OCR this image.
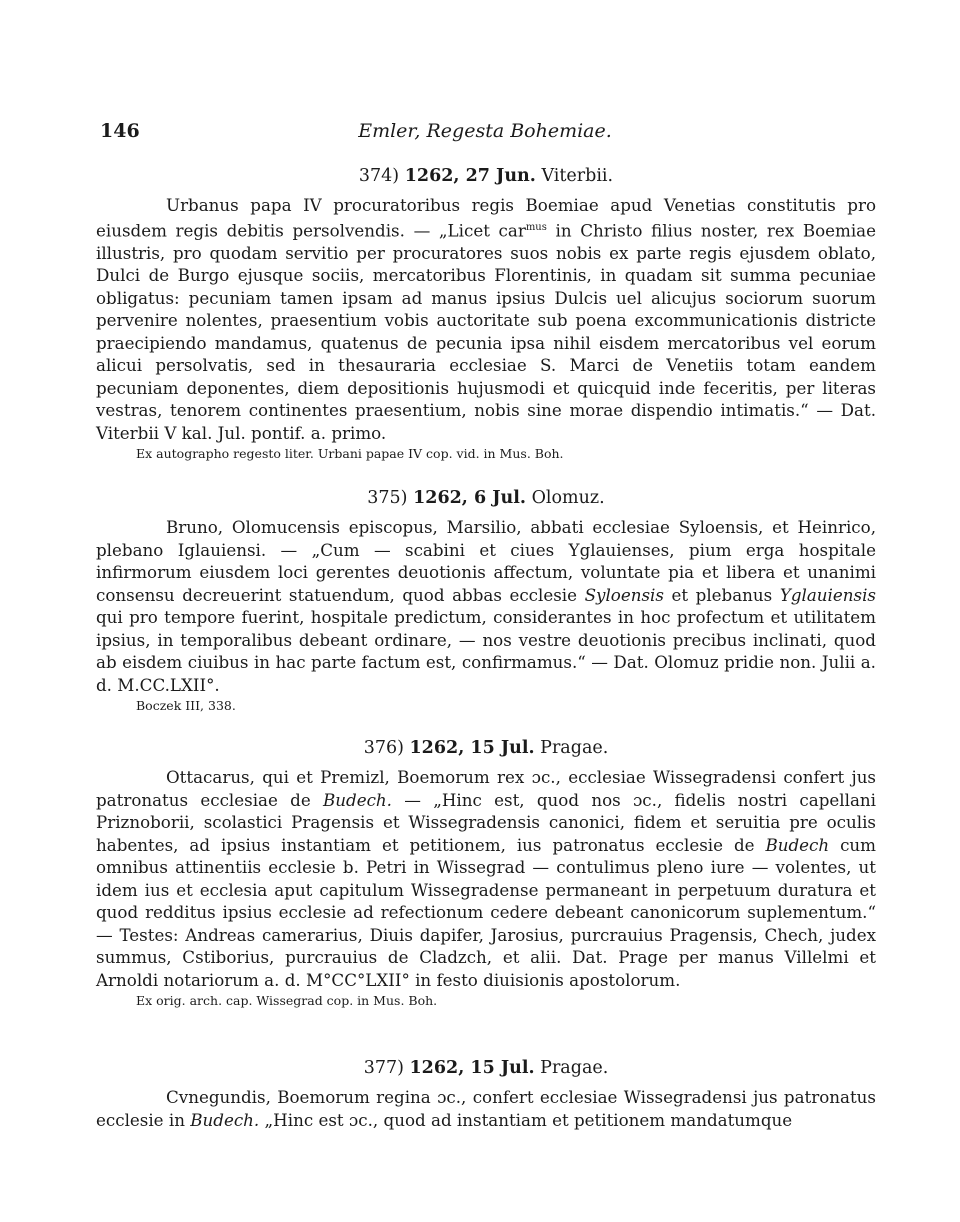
146	Emler, Regesta Bohemiae.
374) 1262, 27 Jun. Viterbii.

Urbanus papa IV procuratoribus regis Boemiae apud Venetias constitutis pro eiusdem regis debitis persolvendis. — „Licet car$^{mus}$ in Christo filius noster, rex Boemiae illustris, pro quodam servitio per procuratores suos nobis ex parte regis ejusdem oblato, Dulci de Burgo ejusque sociis, mercatoribus Florentinis, in quadam sit summa pecuniae obligatus: pecuniam tamen ipsam ad manus ipsius Dulcis uel alicujus sociorum suorum pervenire nolentes, praesentium vobis auctoritate sub poena excommunicationis districte praecipiendo mandamus, quatenus de pecunia ipsa nihil eisdem mercatoribus vel eorum alicui persolvatis, sed in thesauraria ecclesiae S. Marci de Venetiis totam eandem pecuniam deponentes, diem depositionis hujusmodi et quicquid inde feceritis, per literas vestras, tenorem continentes praesentium, nobis sine morae dispendio intimatis.“ — Dat. Viterbii V kal. Jul. pontif. a. primo.

Ex autographo regesto liter. Urbani papae IV cop. vid. in Mus. Boh.
375) 1262, 6 Jul. Olomuz.

Bruno, Olomucensis episcopus, Marsilio, abbati ecclesiae Syloensis, et Heinrico, plebano Iglauiensi. — „Cum — scabini et ciues Yglauienses, pium erga hospitale infirmorum eiusdem loci gerentes deuotionis affectum, voluntate pia et libera et unanimi consensu decreuerint statuendum, quod abbas ecclesie Syloensis et plebanus Yglauiensis qui pro tempore fuerint, hospitale predictum, considerantes in hoc profectum et utilitatem ipsius, in temporalibus debeant ordinare, — nos vestre deuotionis precibus inclinati, quod ab eisdem ciuibus in hac parte factum est, confirmamus.“ — Dat. Olomuz pridie non. Julii a. d. M.CC.LXII°.

Boczek III, 338.
376) 1262, 15 Jul. Pragae.

Ottacarus, qui et Premizl, Boemorum rex ɔc., ecclesiae Wissegradensi confert jus patronatus ecclesiae de Budech. — „Hinc est, quod nos ɔc., fidelis nostri capellani Priznoborii, scolastici Pragensis et Wissegradensis canonici, fidem et seruitia pre oculis habentes, ad ipsius instantiam et petitionem, ius patronatus ecclesie de Budech cum omnibus attinentiis ecclesie b. Petri in Wissegrad — contulimus pleno iure — volentes, ut idem ius et ecclesia aput capitulum Wissegradense permaneant in perpetuum duratura et quod redditus ipsius ecclesie ad refectionum cedere debeant canonicorum suplementum.“ — Testes: Andreas camerarius, Diuis dapifer, Jarosius, purcrauius Pragensis, Chech, judex summus, Cstiborius, purcrauius de Cladzch, et alii. Dat. Prage per manus Villelmi et Arnoldi notariorum a. d. M°CC°LXII° in festo diuisionis apostolorum.

Ex orig. arch. cap. Wissegrad cop. in Mus. Boh.
377) 1262, 15 Jul. Pragae.

Cvnegundis, Boemorum regina ɔc., confert ecclesiae Wissegradensi jus patronatus ecclesie in Budech. „Hinc est ɔc., quod ad instantiam et petitionem mandatumque
